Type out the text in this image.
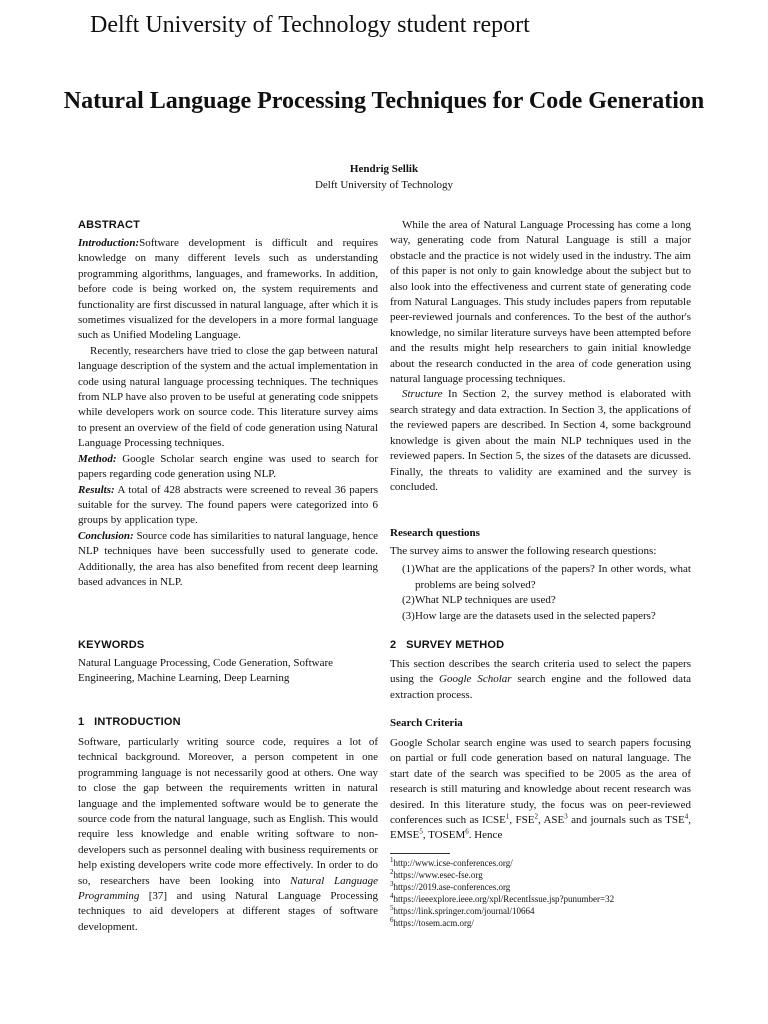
Delft University of Technology student report
Natural Language Processing Techniques for Code Generation
Hendrig Sellik
Delft University of Technology
ABSTRACT

Introduction:Software development is difficult and requires knowledge on many different levels such as understanding programming algorithms, languages, and frameworks. In addition, before code is being worked on, the system requirements and functionality are first discussed in natural language, after which it is sometimes visualized for the developers in a more formal language such as Unified Modeling Language.

Recently, researchers have tried to close the gap between natural language description of the system and the actual implementation in code using natural language processing techniques. The techniques from NLP have also proven to be useful at generating code snippets while developers work on source code. This literature survey aims to present an overview of the field of code generation using Natural Language Processing techniques.

Method: Google Scholar search engine was used to search for papers regarding code generation using NLP.

Results: A total of 428 abstracts were screened to reveal 36 papers suitable for the survey. The found papers were categorized into 6 groups by application type.

Conclusion: Source code has similarities to natural language, hence NLP techniques have been successfully used to generate code. Additionally, the area has also benefited from recent deep learning based advances in NLP.

KEYWORDS

Natural Language Processing, Code Generation, Software Engineering, Machine Learning, Deep Learning

1   INTRODUCTION

Software, particularly writing source code, requires a lot of technical background. Moreover, a person competent in one programming language is not necessarily good at others. One way to close the gap between the requirements written in natural language and the implemented software would be to generate the source code from the natural language, such as English. This would require less knowledge and enable writing software to non-developers such as personnel dealing with business requirements or help existing developers write code more effectively. In order to do so, researchers have been looking into Natural Language Programming [37] and using Natural Language Processing techniques to aid developers at different stages of software development.

While the area of Natural Language Processing has come a long way, generating code from Natural Language is still a major obstacle and the practice is not widely used in the industry. The aim of this paper is not only to gain knowledge about the subject but to also look into the effectiveness and current state of generating code from Natural Languages. This study includes papers from reputable peer-reviewed journals and conferences. To the best of the author's knowledge, no similar literature surveys have been attempted before and the results might help researchers to gain initial knowledge about the research conducted in the area of code generation using natural language processing techniques.

Structure In Section 2, the survey method is elaborated with search strategy and data extraction. In Section 3, the applications of the reviewed papers are described. In Section 4, some background knowledge is given about the main NLP techniques used in the reviewed papers. In Section 5, the sizes of the datasets are dicussed. Finally, the threats to validity are examined and the survey is concluded.

Research questions

The survey aims to answer the following research questions:

(1) What are the applications of the papers? In other words, what problems are being solved?
(2) What NLP techniques are used?
(3) How large are the datasets used in the selected papers?
2   SURVEY METHOD

This section describes the search criteria used to select the papers using the Google Scholar search engine and the followed data extraction process.

Search Criteria

Google Scholar search engine was used to search papers focusing on partial or full code generation based on natural language. The start date of the search was specified to be 2005 as the area of research is still maturing and knowledge about recent research was desired. In this literature study, the focus was on peer-reviewed conferences such as ICSE$^1$, FSE$^2$, ASE$^3$ and journals such as TSE$^4$, EMSE$^5$, TOSEM$^6$. Hence

$^1$http://www.icse-conferences.org/
$^2$https://www.esec-fse.org
$^3$https://2019.ase-conferences.org
$^4$https://ieeexplore.ieee.org/xpl/RecentIssue.jsp?punumber=32
$^5$https://link.springer.com/journal/10664
$^6$https://tosem.acm.org/
